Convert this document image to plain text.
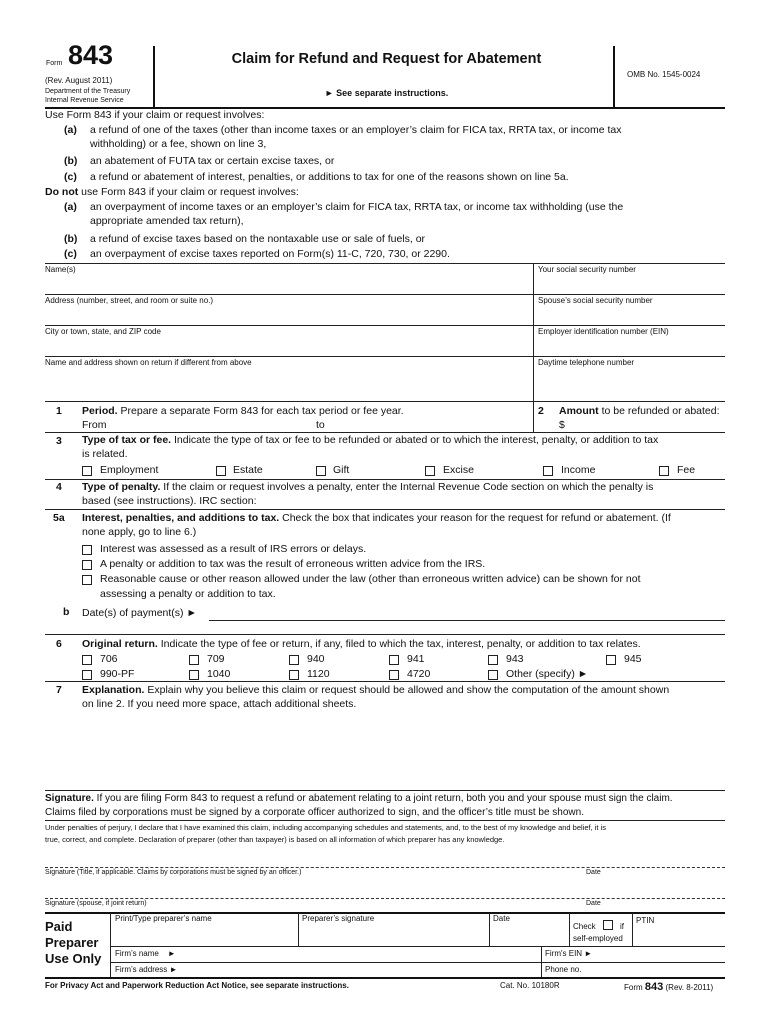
Form 843
(Rev. August 2011)
Department of the Treasury
Internal Revenue Service
Claim for Refund and Request for Abatement
► See separate instructions.
OMB No. 1545-0024
Use Form 843 if your claim or request involves:
(a) a refund of one of the taxes (other than income taxes or an employer’s claim for FICA tax, RRTA tax, or income tax
withholding) or a fee, shown on line 3,
(b) an abatement of FUTA tax or certain excise taxes, or
(c) a refund or abatement of interest, penalties, or additions to tax for one of the reasons shown on line 5a.
Do not use Form 843 if your claim or request involves:
(a) an overpayment of income taxes or an employer’s claim for FICA tax, RRTA tax, or income tax withholding (use the
appropriate amended tax return),
(b) a refund of excise taxes based on the nontaxable use or sale of fuels, or
(c) an overpayment of excise taxes reported on Form(s) 11-C, 720, 730, or 2290.
Name(s)	Your social security number
Address (number, street, and room or suite no.)	Spouse’s social security number
City or town, state, and ZIP code	Employer identification number (EIN)
Name and address shown on return if different from above	Daytime telephone number
1 Period. Prepare a separate Form 843 for each tax period or fee year.
From	to
2 Amount to be refunded or abated:
$
3 Type of tax or fee. Indicate the type of tax or fee to be refunded or abated or to which the interest, penalty, or addition to tax
is related.
Employment	Estate	Gift	Excise	Income	Fee
4 Type of penalty. If the claim or request involves a penalty, enter the Internal Revenue Code section on which the penalty is
based (see instructions). IRC section:
5a Interest, penalties, and additions to tax. Check the box that indicates your reason for the request for refund or abatement. (If
none apply, go to line 6.)
Interest was assessed as a result of IRS errors or delays.
A penalty or addition to tax was the result of erroneous written advice from the IRS.
Reasonable cause or other reason allowed under the law (other than erroneous written advice) can be shown for not
assessing a penalty or addition to tax.
b Date(s) of payment(s) ►
6 Original return. Indicate the type of fee or return, if any, filed to which the tax, interest, penalty, or addition to tax relates.
706	709	940	941	943	945
990-PF	1040	1120	4720	Other (specify) ►
7 Explanation. Explain why you believe this claim or request should be allowed and show the computation of the amount shown
on line 2. If you need more space, attach additional sheets.
Signature. If you are filing Form 843 to request a refund or abatement relating to a joint return, both you and your spouse must sign the claim.
Claims filed by corporations must be signed by a corporate officer authorized to sign, and the officer’s title must be shown.
Under penalties of perjury, I declare that I have examined this claim, including accompanying schedules and statements, and, to the best of my knowledge and belief, it is
true, correct, and complete. Declaration of preparer (other than taxpayer) is based on all information of which preparer has any knowledge.
Signature (Title, if applicable. Claims by corporations must be signed by an officer.)	Date
Signature (spouse, if joint return)	Date
Paid
Preparer
Use Only
Print/Type preparer’s name	Preparer’s signature	Date
Check	if
self-employed
PTIN
Firm’s name ►	Firm's EIN ►
Firm’s address ►	Phone no.
For Privacy Act and Paperwork Reduction Act Notice, see separate instructions.	Cat. No. 10180R	Form 843 (Rev. 8-2011)
